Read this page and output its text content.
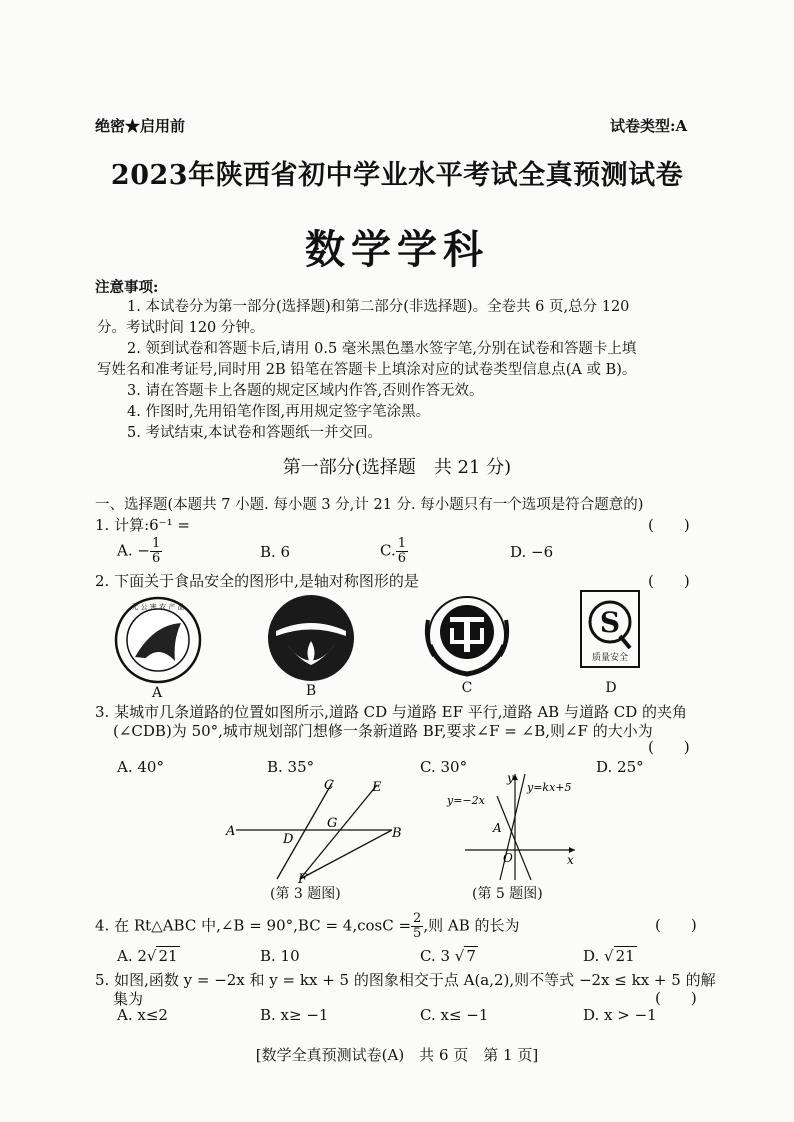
绝密★启用前	试卷类型:A
2023年陕西省初中学业水平考试全真预测试卷
数学学科
注意事项:
1. 本试卷分为第一部分(选择题)和第二部分(非选择题)。全卷共 6 页,总分 120
分。考试时间 120 分钟。
2. 领到试卷和答题卡后,请用 0.5 毫米黑色墨水签字笔,分别在试卷和答题卡上填
写姓名和准考证号,同时用 2B 铅笔在答题卡上填涂对应的试卷类型信息点(A 或 B)。
3. 请在答题卡上各题的规定区域内作答,否则作答无效。
4. 作图时,先用铅笔作图,再用规定签字笔涂黑。
5. 考试结束,本试卷和答题纸一并交回。
第一部分(选择题　共 21 分)
一、选择题(本题共 7 小题. 每小题 3 分,计 21 分. 每小题只有一个选项是符合题意的)
1. 计算:6⁻¹ =	(　　)
A. − $\frac{1}{6}$	B. 6	C. $\frac{1}{6}$	D. −6
2. 下面关于食品安全的图形中,是轴对称图形的是	(　　)
无 公 害 农 产 品
A	B	C
S
质量安全
D
3. 某城市几条道路的位置如图所示,道路 CD 与道路 EF 平行,道路 AB 与道路 CD 的夹角
(∠CDB)为 50°,城市规划部门想修一条新道路 BF,要求∠F = ∠B,则∠F 的大小为
(　　)
A. 40°	B. 35°	C. 30°	D. 25°
A	B
C
D
E
F
G
(第 3 题图)
y
x
O
A
y=−2x
y=kx+5
(第 5 题图)
4. 在 Rt△ABC 中,∠B = $90^\circ,BC = 4,\cos C = \frac{2}{5}$ ,则 AB 的长为	(　　)
A. 2√ 21	B. 10	C. 3 √ 7	D. √ 21
5. 如图,函数 y = −2x 和 y = kx + 5 的图象相交于点 A(a,2),则不等式 −2x ≤ kx + 5 的解
集为	(　　)
A. x≤2	B. x≥ −1	C. x≤ −1	D. x > −1
[数学全真预测试卷(A)　共 6 页　第 1 页]
